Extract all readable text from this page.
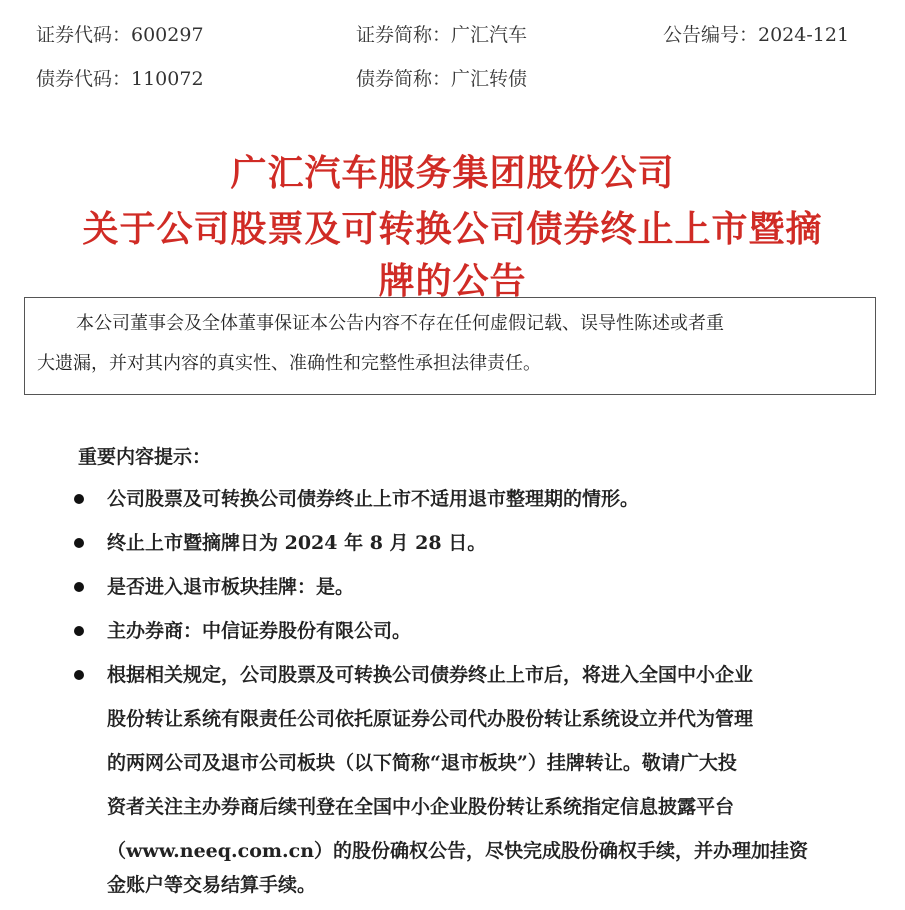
证券代码：600297	证券简称：广汇汽车	公告编号：2024-121
债券代码：110072	债券简称：广汇转债
广汇汽车服务集团股份公司
关于公司股票及可转换公司债券终止上市暨摘
牌的公告
本公司董事会及全体董事保证本公告内容不存在任何虚假记载、误导性陈述或者重
大遗漏，并对其内容的真实性、准确性和完整性承担法律责任。
重要内容提示：
公司股票及可转换公司债券终止上市不适用退市整理期的情形。
终止上市暨摘牌日为 2024 年 8 月 28 日。
是否进入退市板块挂牌：是。
主办券商：中信证券股份有限公司。
根据相关规定，公司股票及可转换公司债券终止上市后，将进入全国中小企业
股份转让系统有限责任公司依托原证券公司代办股份转让系统设立并代为管理
的两网公司及退市公司板块（以下简称“退市板块”）挂牌转让。敬请广大投
资者关注主办券商后续刊登在全国中小企业股份转让系统指定信息披露平台
（www.neeq.com.cn）的股份确权公告，尽快完成股份确权手续，并办理加挂资
金账户等交易结算手续。
